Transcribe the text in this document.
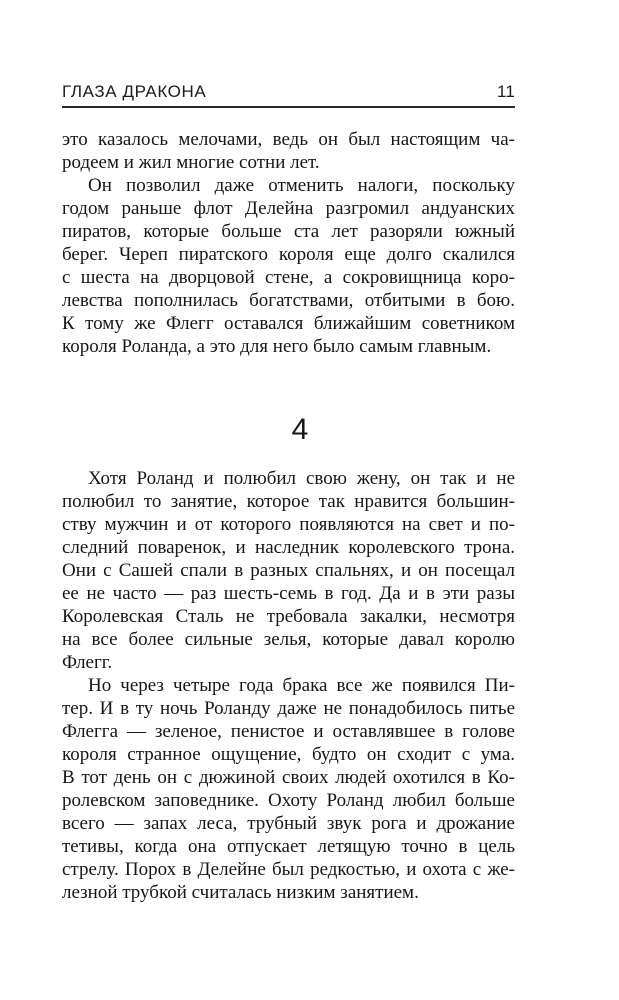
ГЛАЗА ДРАКОНА	11
это казалось мелочами, ведь он был настоящим ча-
родеем и жил многие сотни лет.
Он позволил даже отменить налоги, поскольку
годом раньше флот Делейна разгромил андуанских
пиратов, которые больше ста лет разоряли южный
берег. Череп пиратского короля еще долго скалился
с шеста на дворцовой стене, а сокровищница коро-
левства пополнилась богатствами, отбитыми в бою.
К тому же Флегг оставался ближайшим советником
короля Роланда, а это для него было самым главным.
4
Хотя Роланд и полюбил свою жену, он так и не
полюбил то занятие, которое так нравится большин-
ству мужчин и от которого появляются на свет и по-
следний поваренок, и наследник королевского трона.
Они с Сашей спали в разных спальнях, и он посещал
ее не часто — раз шесть-семь в год. Да и в эти разы
Королевская Сталь не требовала закалки, несмотря
на все более сильные зелья, которые давал королю
Флегг.
Но через четыре года брака все же появился Пи-
тер. И в ту ночь Роланду даже не понадобилось питье
Флегга — зеленое, пенистое и оставлявшее в голове
короля странное ощущение, будто он сходит с ума.
В тот день он с дюжиной своих людей охотился в Ко-
ролевском заповеднике. Охоту Роланд любил больше
всего — запах леса, трубный звук рога и дрожание
тетивы, когда она отпускает летящую точно в цель
стрелу. Порох в Делейне был редкостью, и охота с же-
лезной трубкой считалась низким занятием.
